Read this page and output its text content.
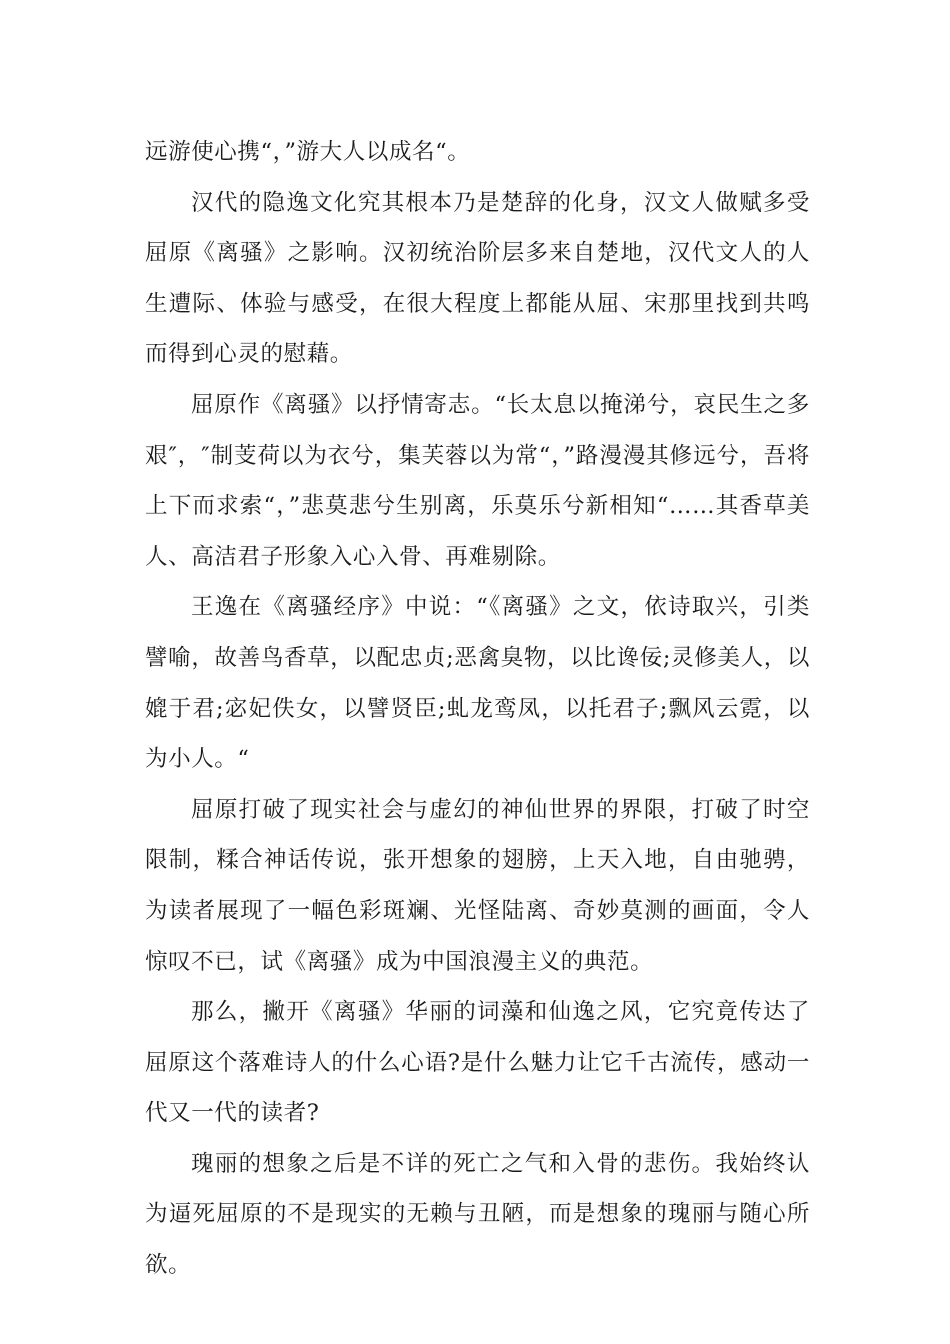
远游使心携“，”游大人以成名“。

汉代的隐逸文化究其根本乃是楚辞的化身，汉文人做赋多受屈原《离骚》之影响。汉初统治阶层多来自楚地，汉代文人的人生遭际、体验与感受，在很大程度上都能从屈、宋那里找到共鸣而得到心灵的慰藉。

屈原作《离骚》以抒情寄志。“长太息以掩涕兮，哀民生之多艰″，″制芰荷以为衣兮，集芙蓉以为常“，”路漫漫其修远兮，吾将上下而求索“，”悲莫悲兮生别离，乐莫乐兮新相知“……其香草美人、高洁君子形象入心入骨、再难剔除。

王逸在《离骚经序》中说：“《离骚》之文，依诗取兴，引类譬喻，故善鸟香草，以配忠贞;恶禽臭物，以比谗佞;灵修美人，以媲于君;宓妃佚女，以譬贤臣;虬龙鸾凤，以托君子;飘风云霓，以为小人。“

屈原打破了现实社会与虚幻的神仙世界的界限，打破了时空限制，糅合神话传说，张开想象的翅膀，上天入地，自由驰骋，为读者展现了一幅色彩斑斓、光怪陆离、奇妙莫测的画面，令人惊叹不已，试《离骚》成为中国浪漫主义的典范。

那么，撇开《离骚》华丽的词藻和仙逸之风，它究竟传达了屈原这个落难诗人的什么心语?是什么魅力让它千古流传，感动一代又一代的读者?

瑰丽的想象之后是不详的死亡之气和入骨的悲伤。我始终认为逼死屈原的不是现实的无赖与丑陋，而是想象的瑰丽与随心所欲。
